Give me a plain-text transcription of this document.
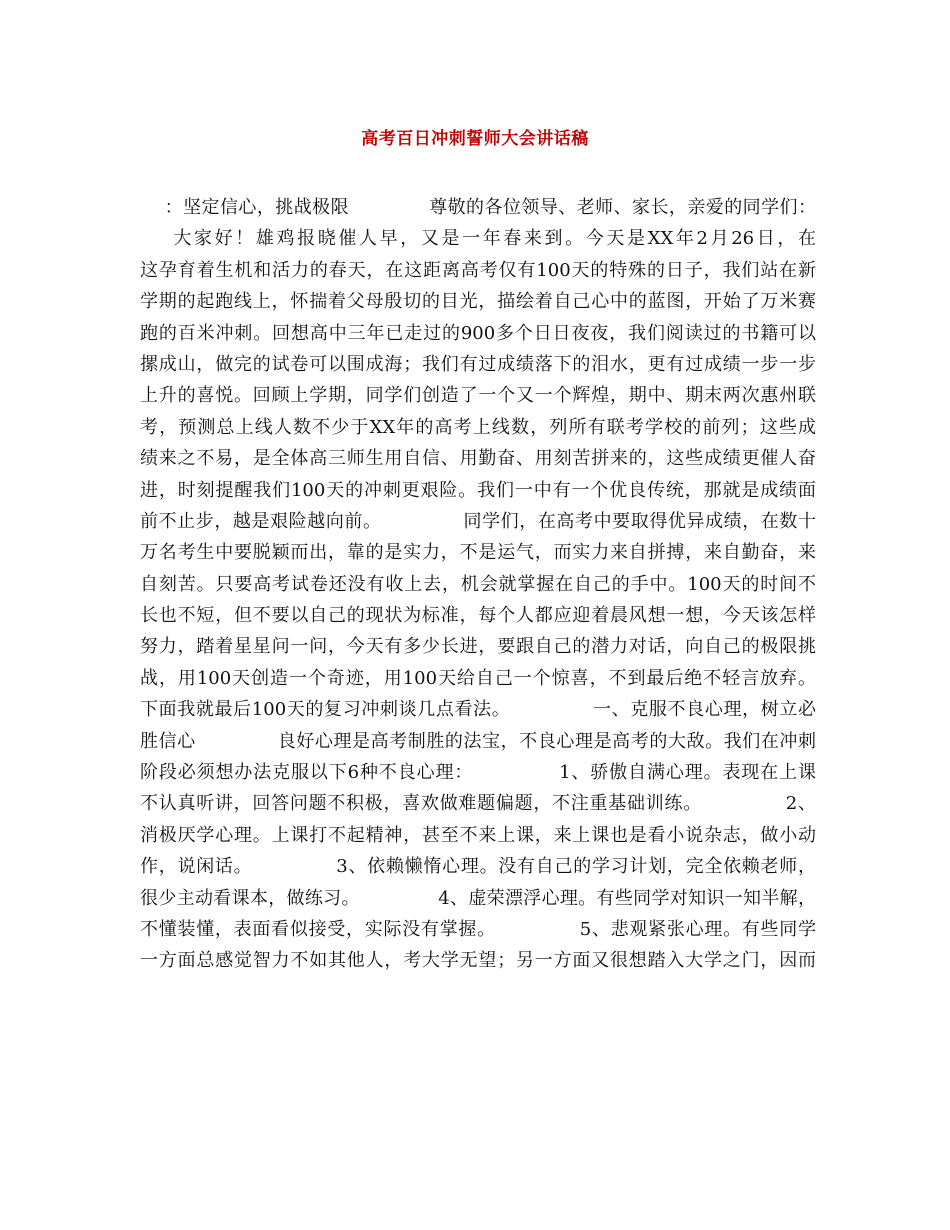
高考百日冲刺誓师大会讲话稿

：坚定信心，挑战极限             尊敬的各位领导、老师、家长，亲爱的同学们：

大家好！雄鸡报晓催人早，又是一年春来到。今天是XX年2月26日，在

这孕育着生机和活力的春天，在这距离高考仅有100天的特殊的日子，我们站在新

学期的起跑线上，怀揣着父母殷切的目光，描绘着自己心中的蓝图，开始了万米赛

跑的百米冲刺。回想高中三年已走过的900多个日日夜夜，我们阅读过的书籍可以

摞成山，做完的试卷可以围成海；我们有过成绩落下的泪水，更有过成绩一步一步

上升的喜悦。回顾上学期，同学们创造了一个又一个辉煌，期中、期末两次惠州联

考，预测总上线人数不少于XX年的高考上线数，列所有联考学校的前列；这些成

绩来之不易，是全体高三师生用自信、用勤奋、用刻苦拼来的，这些成绩更催人奋

进，时刻提醒我们100天的冲刺更艰险。我们一中有一个优良传统，那就是成绩面

前不止步，越是艰险越向前。             同学们，在高考中要取得优异成绩，在数十

万名考生中要脱颖而出，靠的是实力，不是运气，而实力来自拼搏，来自勤奋，来

自刻苦。只要高考试卷还没有收上去，机会就掌握在自己的手中。100天的时间不

长也不短，但不要以自己的现状为标准，每个人都应迎着晨风想一想，今天该怎样

努力，踏着星星问一问，今天有多少长进，要跟自己的潜力对话，向自己的极限挑

战，用100天创造一个奇迹，用100天给自己一个惊喜，不到最后绝不轻言放弃。

下面我就最后100天的复习冲刺谈几点看法。             一、克服不良心理，树立必

胜信心             良好心理是高考制胜的法宝，不良心理是高考的大敌。我们在冲刺

阶段必须想办法克服以下6种不良心理：             1、骄傲自满心理。表现在上课

不认真听讲，回答问题不积极，喜欢做难题偏题，不注重基础训练。             2、

消极厌学心理。上课打不起精神，甚至不来上课，来上课也是看小说杂志，做小动

作，说闲话。             3、依赖懒惰心理。没有自己的学习计划，完全依赖老师，

很少主动看课本，做练习。             4、虚荣漂浮心理。有些同学对知识一知半解，

不懂装懂，表面看似接受，实际没有掌握。             5、悲观紧张心理。有些同学

一方面总感觉智力不如其他人，考大学无望；另一方面又很想踏入大学之门，因而
